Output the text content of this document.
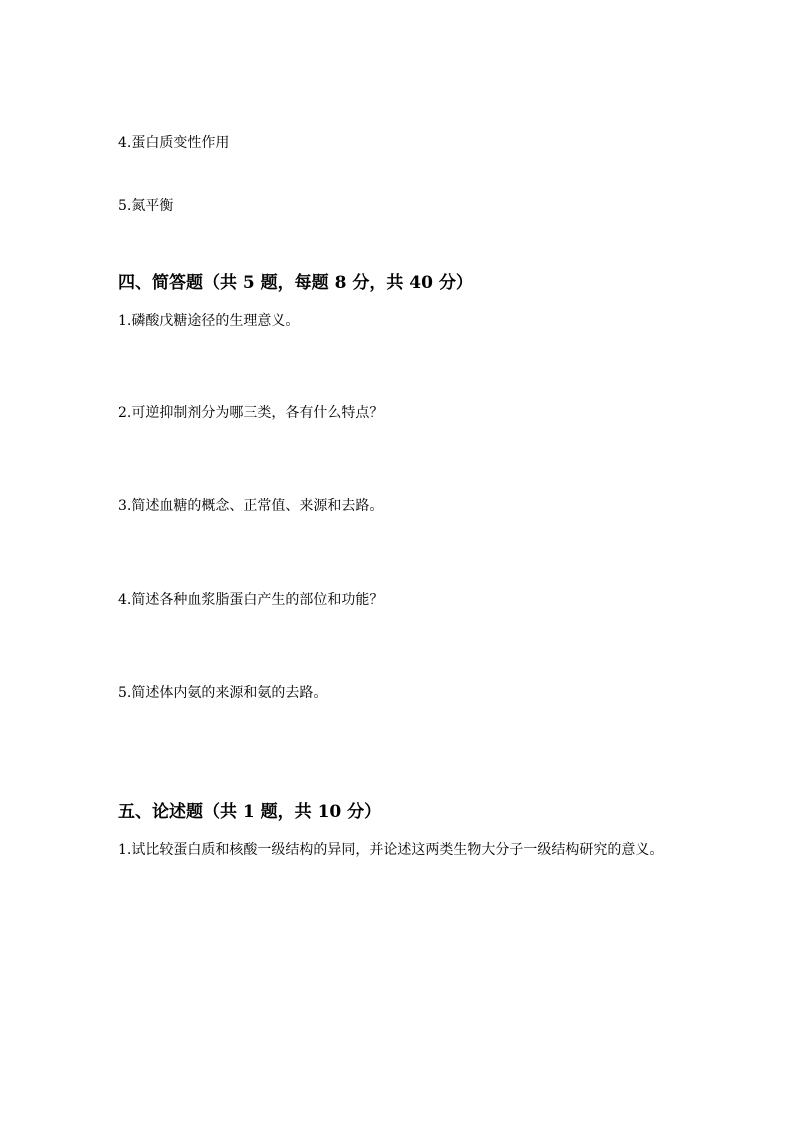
4.蛋白质变性作用
5.氮平衡
四、简答题（共 5 题，每题 8 分，共 40 分）
1.磷酸戊糖途径的生理意义。
2.可逆抑制剂分为哪三类，各有什么特点？
3.简述血糖的概念、正常值、来源和去路。
4.简述各种血浆脂蛋白产生的部位和功能？
5.简述体内氨的来源和氨的去路。
五、论述题（共 1 题，共 10 分）
1.试比较蛋白质和核酸一级结构的异同，并论述这两类生物大分子一级结构研究的意义。
